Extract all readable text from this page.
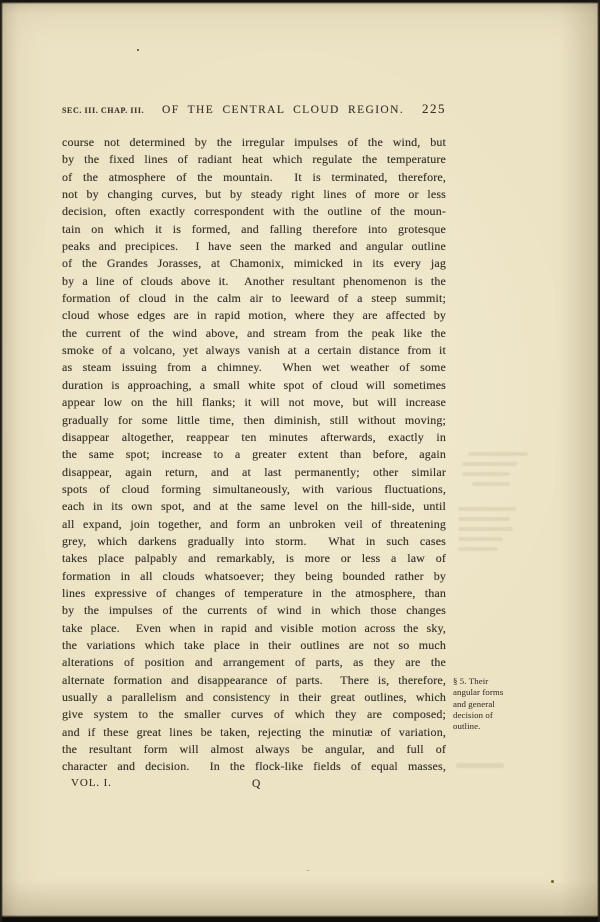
SEC. III. CHAP. III. OF THE CENTRAL CLOUD REGION. 225
course not determined by the irregular impulses of the wind, but
by the fixed lines of radiant heat which regulate the temperature
of the atmosphere of the mountain.  It is terminated, therefore,
not by changing curves, but by steady right lines of more or less
decision, often exactly correspondent with the outline of the moun-
tain on which it is formed, and falling therefore into grotesque
peaks and precipices.  I have seen the marked and angular outline
of the Grandes Jorasses, at Chamonix, mimicked in its every jag
by a line of clouds above it.  Another resultant phenomenon is the
formation of cloud in the calm air to leeward of a steep summit;
cloud whose edges are in rapid motion, where they are affected by
the current of the wind above, and stream from the peak like the
smoke of a volcano, yet always vanish at a certain distance from it
as steam issuing from a chimney.  When wet weather of some
duration is approaching, a small white spot of cloud will sometimes
appear low on the hill flanks; it will not move, but will increase
gradually for some little time, then diminish, still without moving;
disappear altogether, reappear ten minutes afterwards, exactly in
the same spot; increase to a greater extent than before, again
disappear, again return, and at last permanently; other similar
spots of cloud forming simultaneously, with various fluctuations,
each in its own spot, and at the same level on the hill-side, until
all expand, join together, and form an unbroken veil of threatening
grey, which darkens gradually into storm.  What in such cases
takes place palpably and remarkably, is more or less a law of
formation in all clouds whatsoever; they being bounded rather by
lines expressive of changes of temperature in the atmosphere, than
by the impulses of the currents of wind in which those changes
take place.  Even when in rapid and visible motion across the sky,
the variations which take place in their outlines are not so much
alterations of position and arrangement of parts, as they are the
alternate formation and disappearance of parts.  There is, therefore,
usually a parallelism and consistency in their great outlines, which
give system to the smaller curves of which they are composed;
and if these great lines be taken, rejecting the minutiæ of variation,
the resultant form will almost always be angular, and full of
character and decision.  In the flock-like fields of equal masses,
§ 5. Their
angular forms
and general
decision of
outline.
VOL. I.	Q
